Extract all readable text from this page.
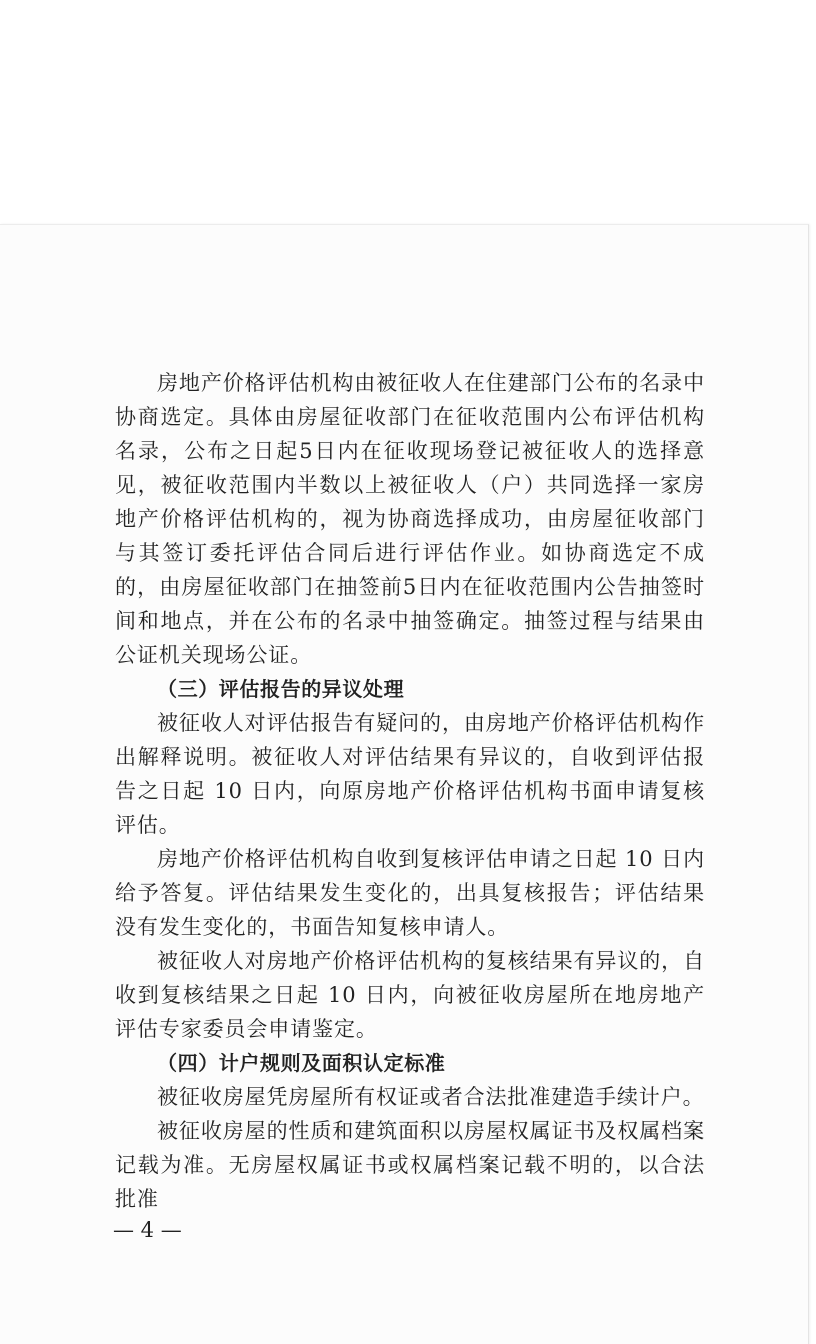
房地产价格评估机构由被征收人在住建部门公布的名录中协商选定。具体由房屋征收部门在征收范围内公布评估机构名录，公布之日起5日内在征收现场登记被征收人的选择意见，被征收范围内半数以上被征收人（户）共同选择一家房地产价格评估机构的，视为协商选择成功，由房屋征收部门与其签订委托评估合同后进行评估作业。如协商选定不成的，由房屋征收部门在抽签前5日内在征收范围内公告抽签时间和地点，并在公布的名录中抽签确定。抽签过程与结果由公证机关现场公证。

（三）评估报告的异议处理

被征收人对评估报告有疑问的，由房地产价格评估机构作出解释说明。被征收人对评估结果有异议的，自收到评估报告之日起 10 日内，向原房地产价格评估机构书面申请复核评估。

房地产价格评估机构自收到复核评估申请之日起 10 日内给予答复。评估结果发生变化的，出具复核报告；评估结果没有发生变化的，书面告知复核申请人。

被征收人对房地产价格评估机构的复核结果有异议的，自收到复核结果之日起 10 日内，向被征收房屋所在地房地产评估专家委员会申请鉴定。

（四）计户规则及面积认定标准

被征收房屋凭房屋所有权证或者合法批准建造手续计户。

被征收房屋的性质和建筑面积以房屋权属证书及权属档案记载为准。无房屋权属证书或权属档案记载不明的，以合法批准

— 4 —
